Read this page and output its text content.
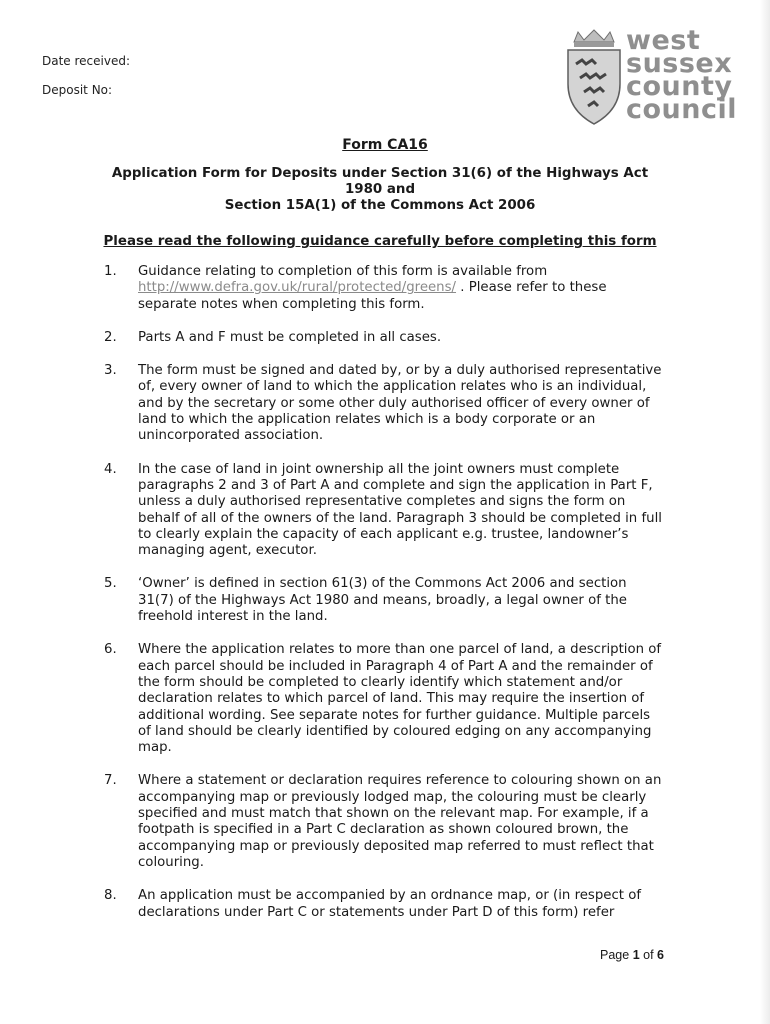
Date received:
Deposit No:
west
sussex
county
council
Form CA16
Application Form for Deposits under Section 31(6) of the Highways Act
1980 and
Section 15A(1) of the Commons Act 2006
Please read the following guidance carefully before completing this form
1.	Guidance relating to completion of this form is available from http://www.defra.gov.uk/rural/protected/greens/ . Please refer to these separate notes when completing this form.
2.	Parts A and F must be completed in all cases.
3.	The form must be signed and dated by, or by a duly authorised representative of, every owner of land to which the application relates who is an individual, and by the secretary or some other duly authorised officer of every owner of land to which the application relates which is a body corporate or an unincorporated association.
4.	In the case of land in joint ownership all the joint owners must complete paragraphs 2 and 3 of Part A and complete and sign the application in Part F, unless a duly authorised representative completes and signs the form on behalf of all of the owners of the land. Paragraph 3 should be completed in full to clearly explain the capacity of each applicant e.g. trustee, landowner’s managing agent, executor.
5.	‘Owner’ is defined in section 61(3) of the Commons Act 2006 and section 31(7) of the Highways Act 1980 and means, broadly, a legal owner of the freehold interest in the land.
6.	Where the application relates to more than one parcel of land, a description of each parcel should be included in Paragraph 4 of Part A and the remainder of the form should be completed to clearly identify which statement and/or declaration relates to which parcel of land. This may require the insertion of additional wording. See separate notes for further guidance. Multiple parcels of land should be clearly identified by coloured edging on any accompanying map.
7.	Where a statement or declaration requires reference to colouring shown on an accompanying map or previously lodged map, the colouring must be clearly specified and must match that shown on the relevant map. For example, if a footpath is specified in a Part C declaration as shown coloured brown, the accompanying map or previously deposited map referred to must reflect that colouring.
8.	An application must be accompanied by an ordnance map, or (in respect of declarations under Part C or statements under Part D of this form) refer
Page 1 of 6
